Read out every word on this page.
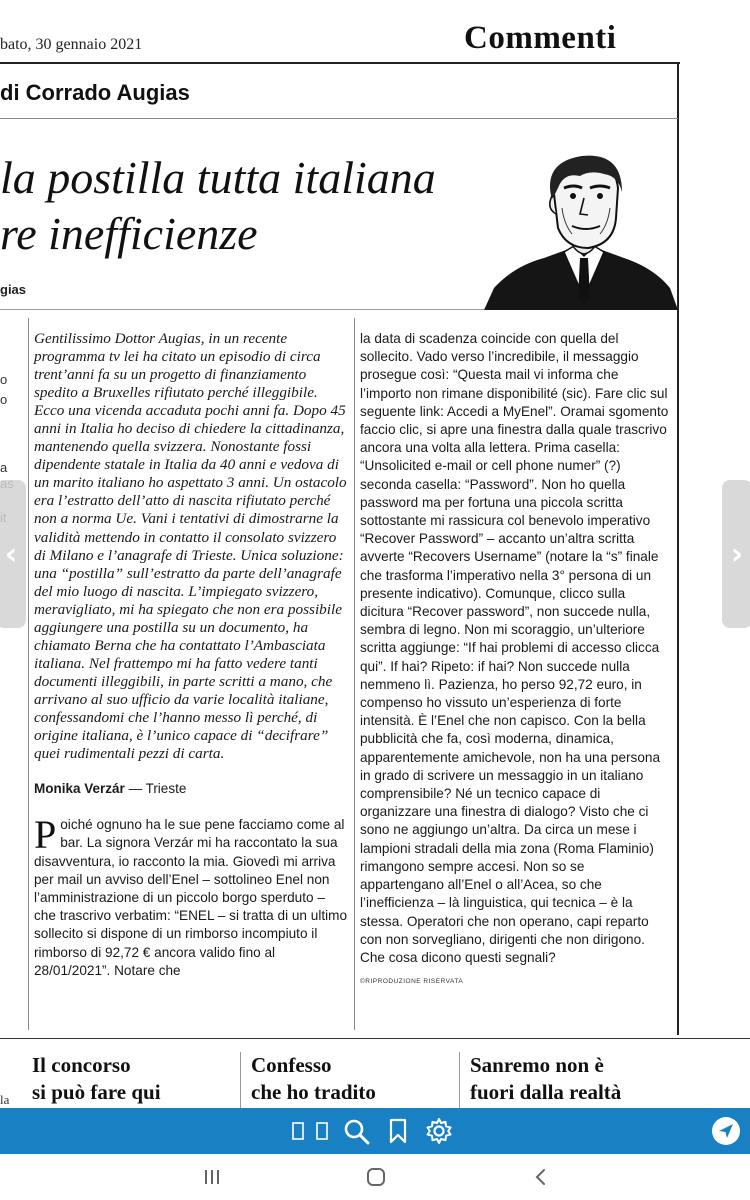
bato, 30 gennaio 2021	Commenti
di Corrado Augias
la postilla tutta italiana
re inefficienze
gias
o
o
a

Gentilissimo Dottor Augias, in un recente programma tv lei ha citato un episodio di circa trent’anni fa su un progetto di finanziamento spedito a Bruxelles rifiutato perché illeggibile. Ecco una vicenda accaduta pochi anni fa. Dopo 45 anni in Italia ho deciso di chiedere la cittadinanza, mantenendo quella svizzera. Nonostante fossi dipendente statale in Italia da 40 anni e vedova di un marito italiano ho aspettato 3 anni. Un ostacolo era l’estratto dell’atto di nascita rifiutato perché non a norma Ue. Vani i tentativi di dimostrarne la validità mettendo in contatto il consolato svizzero di Milano e l’anagrafe di Trieste. Unica soluzione: una “postilla” sull’estratto da parte dell’anagrafe del mio luogo di nascita. L’impiegato svizzero, meravigliato, mi ha spiegato che non era possibile aggiungere una postilla su un documento, ha chiamato Berna che ha contattato l’Ambasciata italiana. Nel frattempo mi ha fatto vedere tanti documenti illeggibili, in parte scritti a mano, che arrivano al suo ufficio da varie località italiane, confessandomi che l’hanno messo lì perché, di origine italiana, è l’unico capace di “decifrare” quei rudimentali pezzi di carta.

Monika Verzár — Trieste

Poiché ognuno ha le sue pene facciamo come al bar. La signora Verzár mi ha raccontato la sua disavventura, io racconto la mia. Giovedì mi arriva per mail un avviso dell’Enel – sottolineo Enel non l’amministrazione di un piccolo borgo sperduto – che trascrivo verbatim: “ENEL – si tratta di un ultimo sollecito si dispone di un rimborso incompiuto il rimborso di 92,72 € ancora valido fino al 28/01/2021”. Notare che

la data di scadenza coincide con quella del sollecito. Vado verso l’incredibile, il messaggio prosegue così: “Questa mail vi informa che l’importo non rimane disponibilité (sic). Fare clic sul seguente link: Accedi a MyEnel”. Oramai sgomento faccio clic, si apre una finestra dalla quale trascrivo ancora una volta alla lettera. Prima casella: “Unsolicited e-mail or cell phone numer” (?) seconda casella: “Password”. Non ho quella password ma per fortuna una piccola scritta sottostante mi rassicura col benevolo imperativo “Recover Password” – accanto un’altra scritta avverte “Recovers Username” (notare la “s” finale che trasforma l’imperativo nella 3° persona di un presente indicativo). Comunque, clicco sulla dicitura “Recover password”, non succede nulla, sembra di legno. Non mi scoraggio, un’ulteriore scritta aggiunge: “If hai problemi di accesso clicca qui”. If hai? Ripeto: if hai? Non succede nulla nemmeno lì. Pazienza, ho perso 92,72 euro, in compenso ho vissuto un’esperienza di forte intensità. È l’Enel che non capisco. Con la bella pubblicità che fa, così moderna, dinamica, apparentemente amichevole, non ha una persona in grado di scrivere un messaggio in un italiano comprensibile? Né un tecnico capace di organizzare una finestra di dialogo? Visto che ci sono ne aggiungo un’altra. Da circa un mese i lampioni stradali della mia zona (Roma Flaminio) rimangono sempre accesi. Non so se appartengano all’Enel o all’Acea, so che l’inefficienza – là linguistica, qui tecnica – è la stessa. Operatori che non operano, capi reparto con non sorvegliano, dirigenti che non dirigono. Che cosa dicono questi segnali?

©RIPRODUZIONE RISERVATA

la
Il concorso
si può fare qui
Confesso
che ho tradito
Sanremo non è
fuori dalla realtà
‹	›
